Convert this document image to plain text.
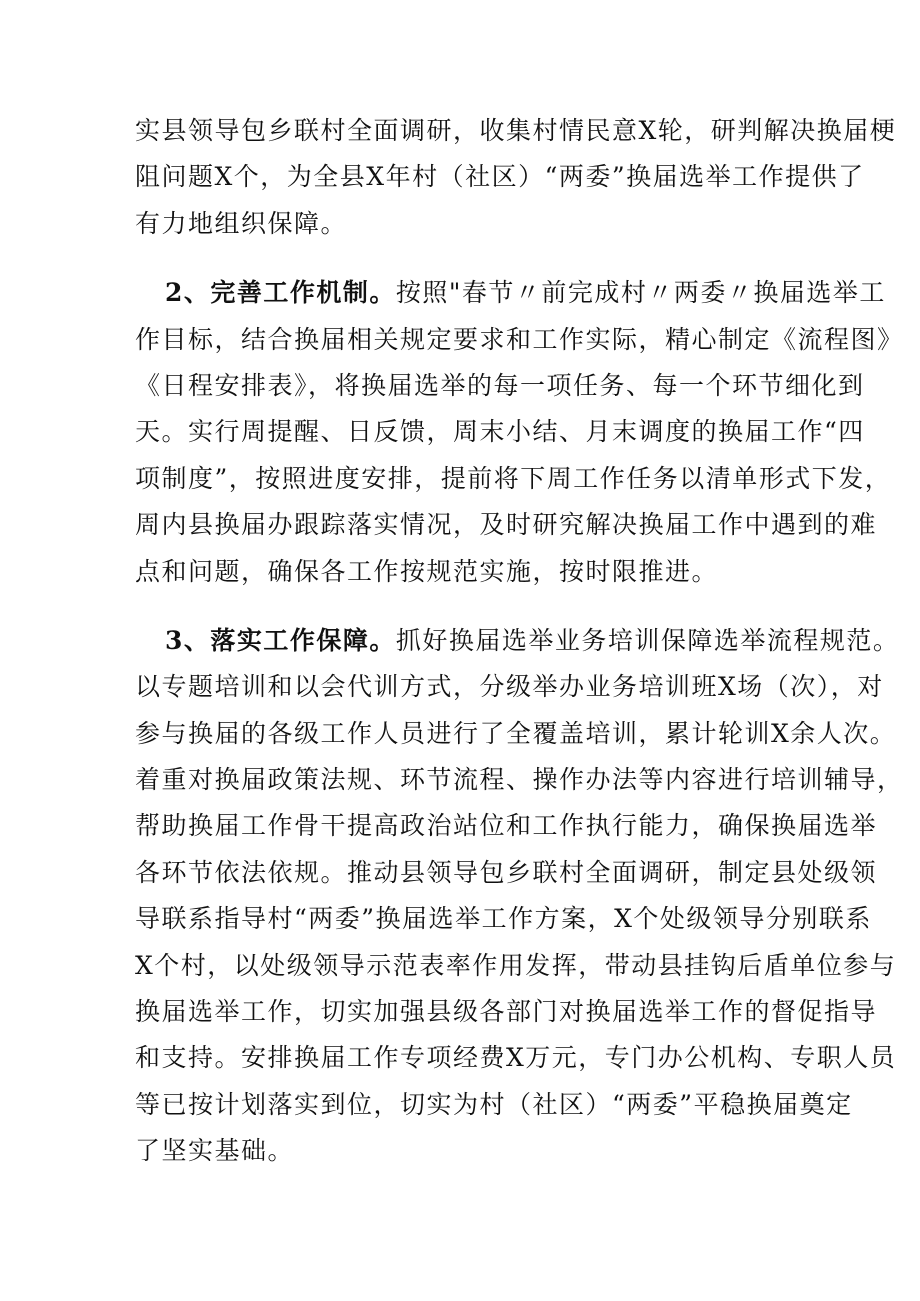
实县领导包乡联村全面调研，收集村情民意X轮，研判解决换届梗
阻问题X个，为全县X年村（社区）“两委”换届选举工作提供了
有力地组织保障。
2、完善工作机制。按照"春节〃前完成村〃两委〃换届选举工
作目标，结合换届相关规定要求和工作实际，精心制定《流程图》
《日程安排表》，将换届选举的每一项任务、每一个环节细化到
天。实行周提醒、日反馈，周末小结、月末调度的换届工作“四
项制度”，按照进度安排，提前将下周工作任务以清单形式下发，
周内县换届办跟踪落实情况，及时研究解决换届工作中遇到的难
点和问题，确保各工作按规范实施，按时限推进。
3、落实工作保障。抓好换届选举业务培训保障选举流程规范。
以专题培训和以会代训方式，分级举办业务培训班X场（次），对
参与换届的各级工作人员进行了全覆盖培训，累计轮训X余人次。
着重对换届政策法规、环节流程、操作办法等内容进行培训辅导，
帮助换届工作骨干提高政治站位和工作执行能力，确保换届选举
各环节依法依规。推动县领导包乡联村全面调研，制定县处级领
导联系指导村“两委”换届选举工作方案，X个处级领导分别联系
X个村，以处级领导示范表率作用发挥，带动县挂钩后盾单位参与
换届选举工作，切实加强县级各部门对换届选举工作的督促指导
和支持。安排换届工作专项经费X万元，专门办公机构、专职人员
等已按计划落实到位，切实为村（社区）“两委”平稳换届奠定
了坚实基础。
